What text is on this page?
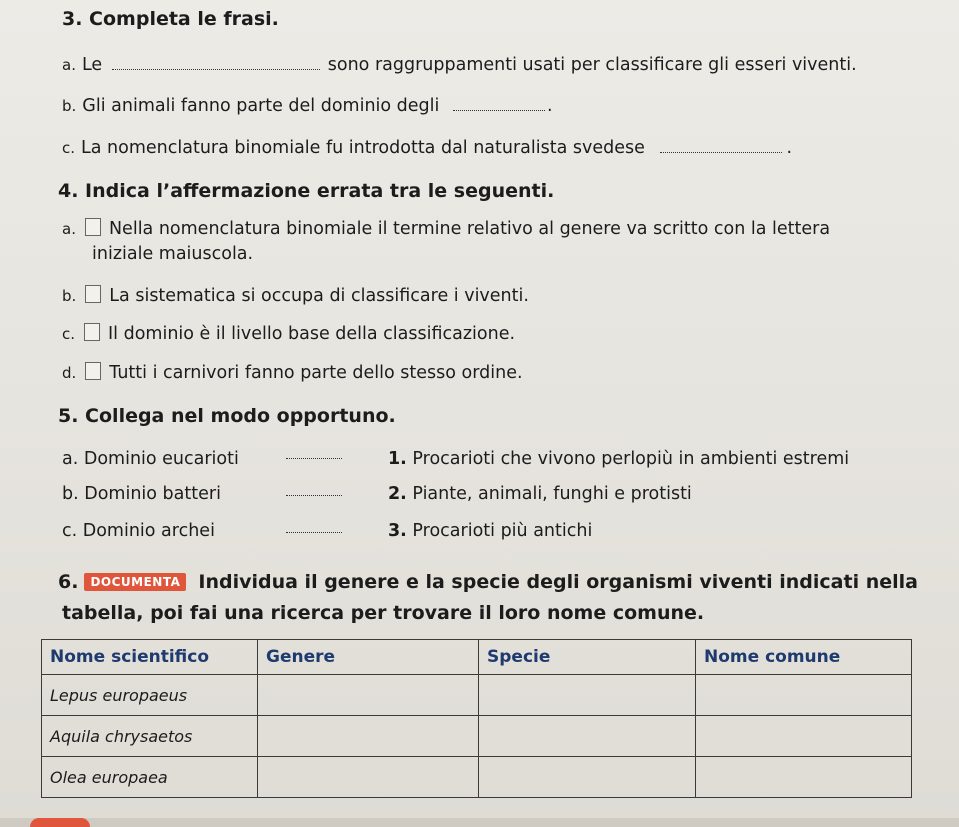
3. Completa le frasi.
a. Le	sono raggruppamenti usati per classificare gli esseri viventi.
b. Gli animali fanno parte del dominio degli	.
c. La nomenclatura binomiale fu introdotta dal naturalista svedese	.
4. Indica l’affermazione errata tra le seguenti.
a. Nella nomenclatura binomiale il termine relativo al genere va scritto con la lettera
iniziale maiuscola.
b. La sistematica si occupa di classificare i viventi.
c. Il dominio è il livello base della classificazione.
d. Tutti i carnivori fanno parte dello stesso ordine.
5. Collega nel modo opportuno.
a. Dominio eucarioti	1. Procarioti che vivono perlopiù in ambienti estremi
b. Dominio batteri	2. Piante, animali, funghi e protisti
c. Dominio archei	3. Procarioti più antichi
6. DOCUMENTA Individua il genere e la specie degli organismi viventi indicati nella
tabella, poi fai una ricerca per trovare il loro nome comune.
Nome scientifico	Genere	Specie	Nome comune
Lepus europaeus			
Aquila chrysaetos			
Olea europaea			
